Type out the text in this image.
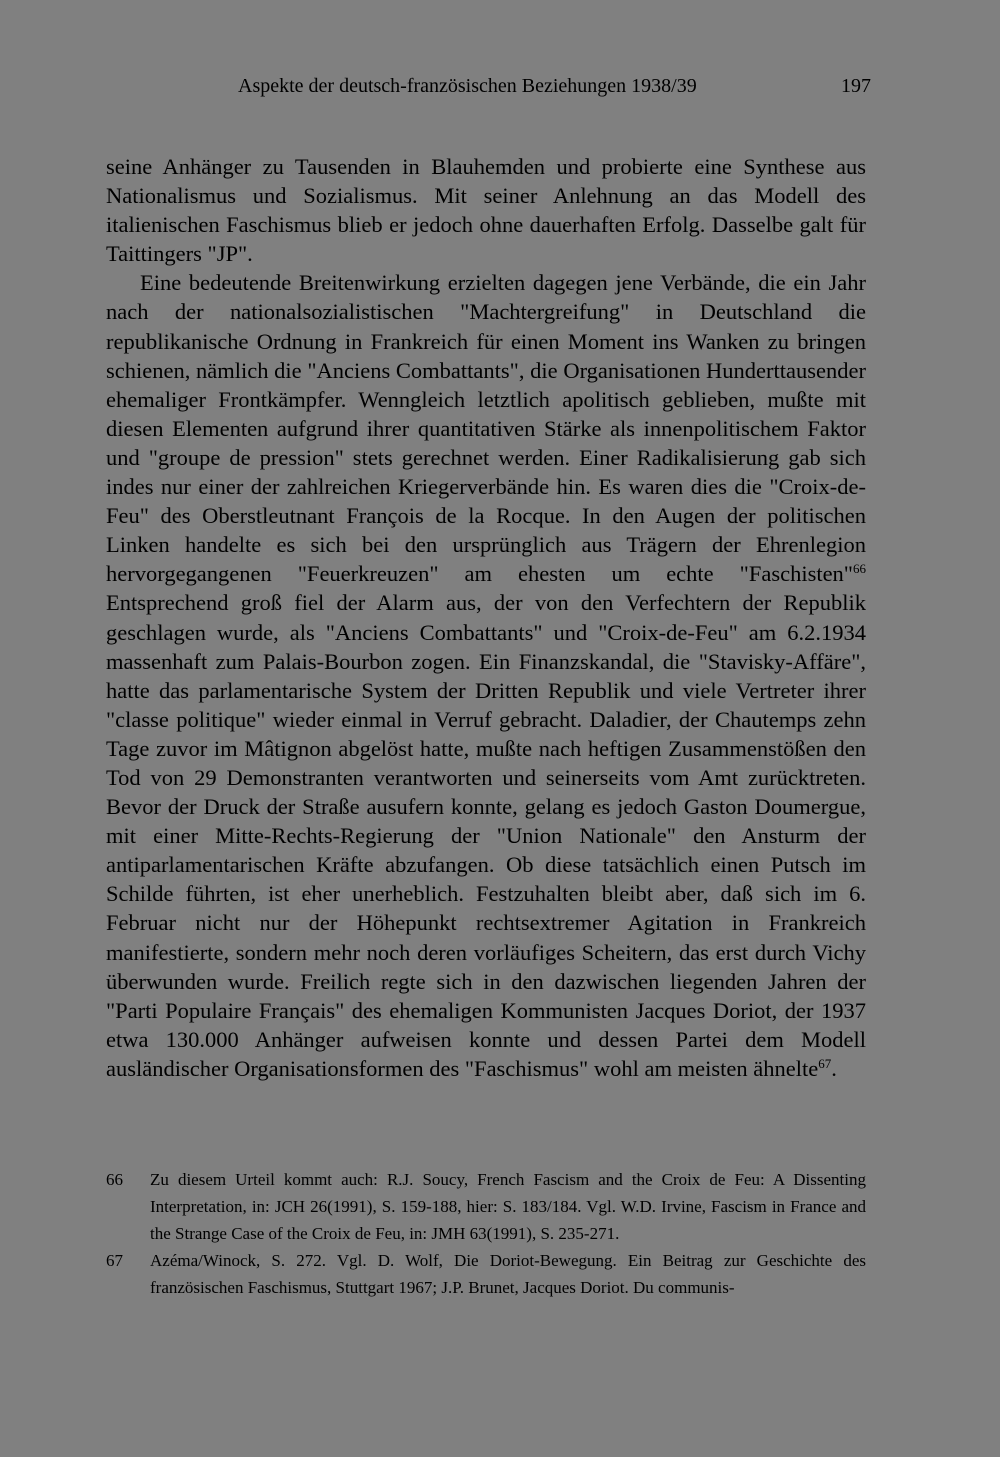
Aspekte der deutsch-französischen Beziehungen 1938/39	197

seine Anhänger zu Tausenden in Blauhemden und probierte eine Synthese aus Nationalismus und Sozialismus. Mit seiner Anlehnung an das Modell des italienischen Faschismus blieb er jedoch ohne dauerhaften Erfolg. Dasselbe galt für Taittingers "JP".

Eine bedeutende Breitenwirkung erzielten dagegen jene Verbände, die ein Jahr nach der nationalsozialistischen "Machtergreifung" in Deutschland die republikanische Ordnung in Frankreich für einen Moment ins Wanken zu bringen schienen, nämlich die "Anciens Combattants", die Organisationen Hunderttausender ehemaliger Frontkämpfer. Wenngleich letztlich apolitisch geblieben, mußte mit diesen Elementen aufgrund ihrer quantitativen Stärke als innenpolitischem Faktor und "groupe de pression" stets gerechnet werden. Einer Radikalisierung gab sich indes nur einer der zahlreichen Kriegerverbände hin. Es waren dies die "Croix-de-Feu" des Oberstleutnant François de la Rocque. In den Augen der politischen Linken handelte es sich bei den ursprünglich aus Trägern der Ehrenlegion hervorgegangenen "Feuerkreuzen" am ehesten um echte "Faschisten"$^{66}$ Entsprechend groß fiel der Alarm aus, der von den Verfechtern der Republik geschlagen wurde, als "Anciens Combattants" und "Croix-de-Feu" am 6.2.1934 massenhaft zum Palais-Bourbon zogen. Ein Finanzskandal, die "Stavisky-Affäre", hatte das parlamentarische System der Dritten Republik und viele Vertreter ihrer "classe politique" wieder einmal in Verruf gebracht. Daladier, der Chautemps zehn Tage zuvor im Mâtignon abgelöst hatte, mußte nach heftigen Zusammenstößen den Tod von 29 Demonstranten verantworten und seinerseits vom Amt zurücktreten. Bevor der Druck der Straße ausufern konnte, gelang es jedoch Gaston Doumergue, mit einer Mitte-Rechts-Regierung der "Union Nationale" den Ansturm der antiparlamentarischen Kräfte abzufangen. Ob diese tatsächlich einen Putsch im Schilde führten, ist eher unerheblich. Festzuhalten bleibt aber, daß sich im 6. Februar nicht nur der Höhepunkt rechtsextremer Agitation in Frankreich manifestierte, sondern mehr noch deren vorläufiges Scheitern, das erst durch Vichy überwunden wurde. Freilich regte sich in den dazwischen liegenden Jahren der "Parti Populaire Français" des ehemaligen Kommunisten Jacques Doriot, der 1937 etwa 130.000 Anhänger aufweisen konnte und dessen Partei dem Modell ausländischer Organisationsformen des "Faschismus" wohl am meisten ähnelte$^{67}$.

66	Zu diesem Urteil kommt auch: R.J. Soucy, French Fascism and the Croix de Feu: A Dissenting Interpretation, in: JCH 26(1991), S. 159-188, hier: S. 183/184. Vgl. W.D. Irvine, Fascism in France and the Strange Case of the Croix de Feu, in: JMH 63(1991), S. 235-271.
67	Azéma/Winock, S. 272. Vgl. D. Wolf, Die Doriot-Bewegung. Ein Beitrag zur Geschichte des französischen Faschismus, Stuttgart 1967; J.P. Brunet, Jacques Doriot. Du communis-
